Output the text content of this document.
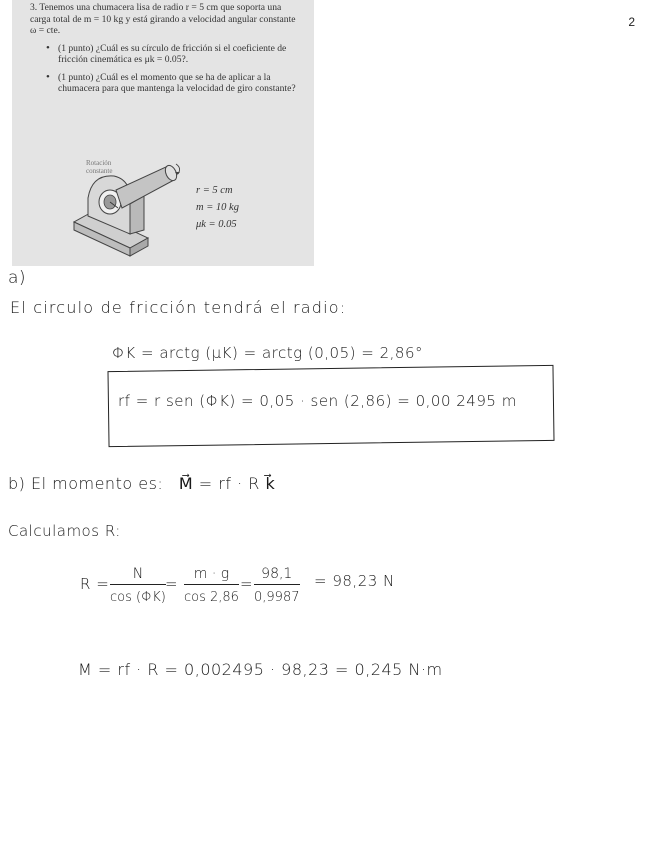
2

3. Tenemos una chumacera lisa de radio r = 5 cm que soporta una carga total de m = 10 kg y está girando a velocidad angular constante ω = cte.

• (1 punto) ¿Cuál es su círculo de fricción si el coeficiente de fricción cinemática es μk = 0.05?.
• (1 punto) ¿Cuál es el momento que se ha de aplicar a la chumacera para que mantenga la velocidad de giro constante?
Rotación
constante
r = 5 cm
m = 10 kg
μk = 0.05
a)
El circulo de fricción tendrá el radio:
ΦK = arctg (μK) = arctg (0,05) = 2,86°
rf = r sen (ΦK) = 0,05 · sen (2,86) = 0,00 2495 m
b) El momento es: M⃗ = rf · R k⃗
Calculamos R:
R =
N
cos (ΦK)
=
m · g
cos 2,86
=
98,1
0,9987
= 98,23 N
M = rf · R = 0,002495 · 98,23 = 0,245 N·m
